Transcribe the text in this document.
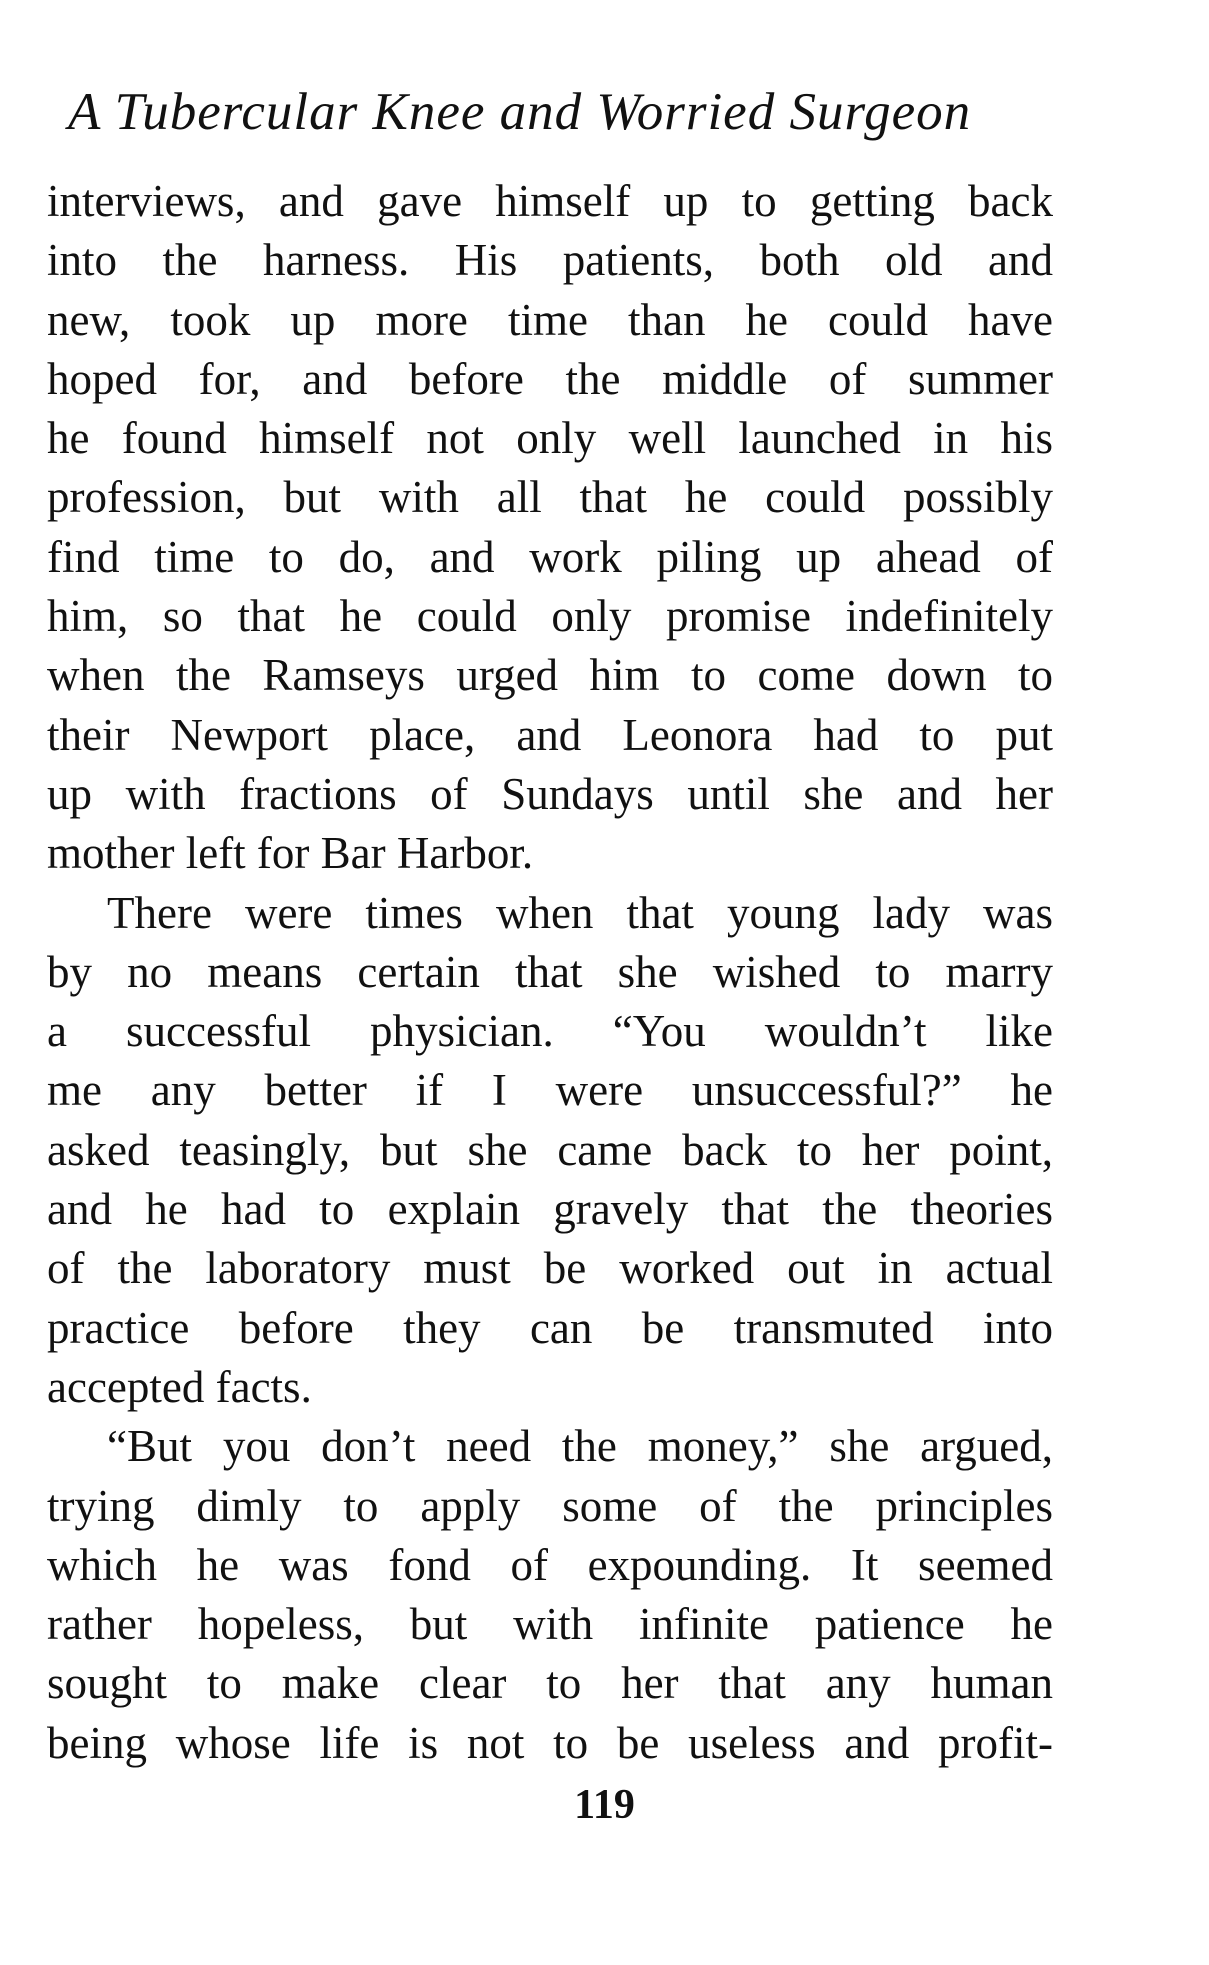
A Tubercular Knee and Worried Surgeon
interviews, and gave himself up to getting back
into the harness. His patients, both old and
new, took up more time than he could have
hoped for, and before the middle of summer
he found himself not only well launched in his
profession, but with all that he could possibly
find time to do, and work piling up ahead of
him, so that he could only promise indefinitely
when the Ramseys urged him to come down to
their Newport place, and Leonora had to put
up with fractions of Sundays until she and her
mother left for Bar Harbor.
There were times when that young lady was
by no means certain that she wished to marry
a successful physician. “You wouldn’t like
me any better if I were unsuccessful?” he
asked teasingly, but she came back to her point,
and he had to explain gravely that the theories
of the laboratory must be worked out in actual
practice before they can be transmuted into
accepted facts.
“But you don’t need the money,” she argued,
trying dimly to apply some of the principles
which he was fond of expounding. It seemed
rather hopeless, but with infinite patience he
sought to make clear to her that any human
being whose life is not to be useless and profit-
119
